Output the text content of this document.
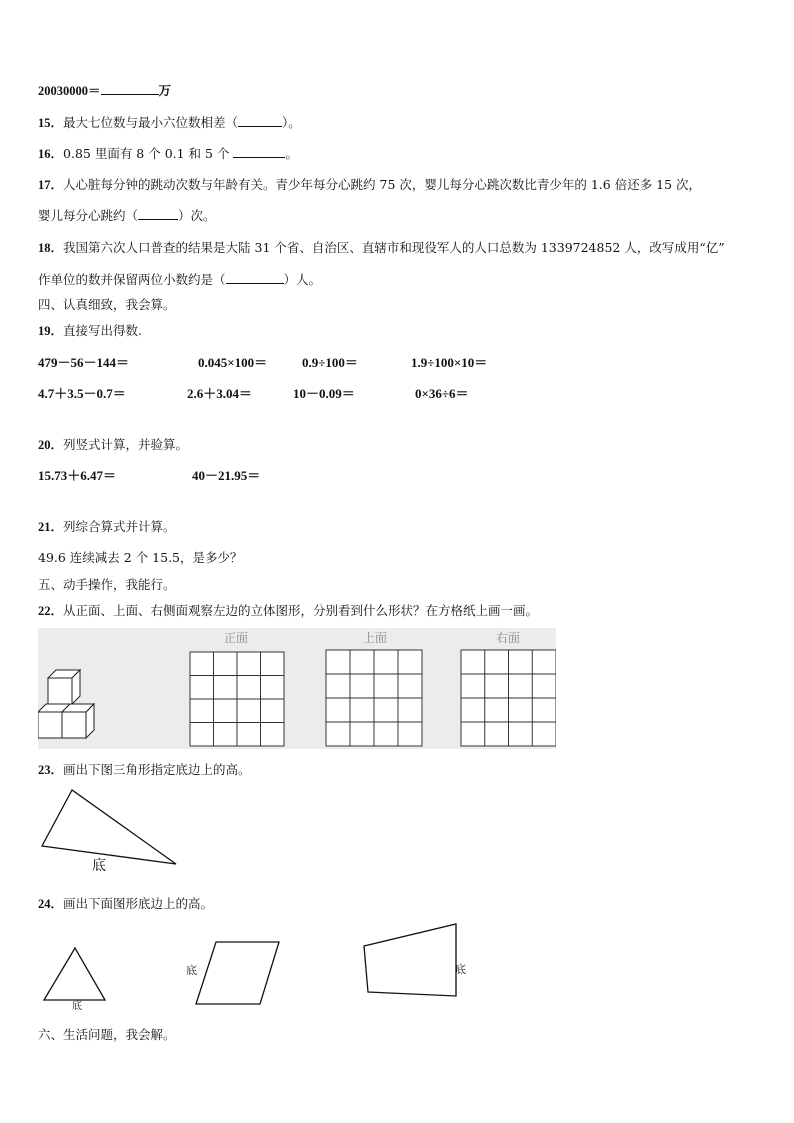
20030000＝	万
15．最大七位数与最小六位数相差（	）。
16．0.85 里面有 8 个 0.1 和 5 个	。
17．人心脏每分钟的跳动次数与年龄有关。青少年每分心跳约 75 次，婴儿每分心跳次数比青少年的 1.6 倍还多 15 次，
婴儿每分心跳约（	）次。
18．我国第六次人口普查的结果是大陆 31 个省、自治区、直辖市和现役军人的人口总数为 1339724852 人，改写成用“亿”
作单位的数并保留两位小数约是（	）人。
四、认真细致，我会算。
19．直接写出得数.
479－56－144＝	0.045×100＝	0.9÷100＝	1.9÷100×10＝
4.7＋3.5－0.7＝	2.6＋3.04＝	10－0.09＝	0×36÷6＝
20．列竖式计算，并验算。
15.73＋6.47＝	40－21.95＝
21．列综合算式并计算。
49.6 连续减去 2 个 15.5，是多少？
五、动手操作，我能行。
22．从正面、上面、右侧面观察左边的立体图形，分别看到什么形状？在方格纸上画一画。
正面	上面	右面
23．画出下图三角形指定底边上的高。
底
24．画出下面图形底边上的高。
底
底	底
六、生活问题，我会解。
